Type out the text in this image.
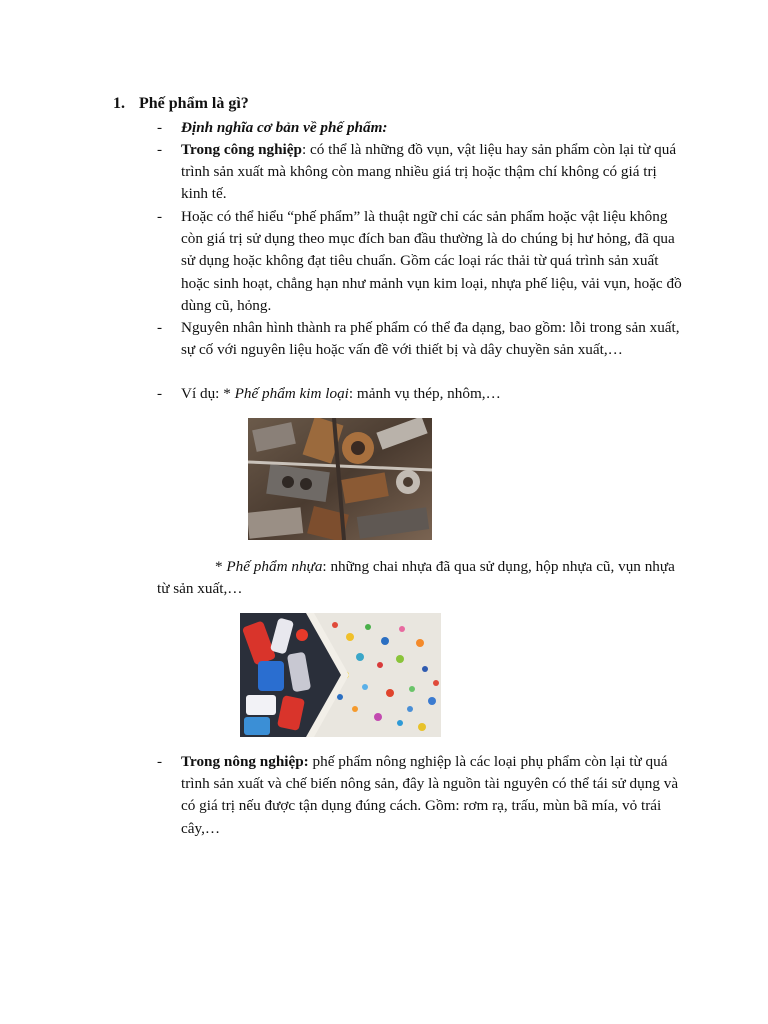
1. Phế phẩm là gì?
- Định nghĩa cơ bản về phế phẩm:
- Trong công nghiệp: có thể là những đồ vụn, vật liệu hay sản phẩm còn lại từ quá trình sản xuất mà không còn mang nhiều giá trị hoặc thậm chí không có giá trị kinh tế.
- Hoặc có thể hiểu “phế phẩm” là thuật ngữ chỉ các sản phẩm hoặc vật liệu không còn giá trị sử dụng theo mục đích ban đầu thường là do chúng bị hư hỏng, đã qua sử dụng hoặc không đạt tiêu chuẩn. Gồm các loại rác thải từ quá trình sản xuất hoặc sinh hoạt, chẳng hạn như mảnh vụn kim loại, nhựa phế liệu, vải vụn, hoặc đồ dùng cũ, hỏng.
- Nguyên nhân hình thành ra phế phẩm có thể đa dạng, bao gồm: lỗi trong sản xuất, sự cố với nguyên liệu hoặc vấn đề với thiết bị và dây chuyền sản xuất,…
- Ví dụ: * Phế phẩm kim loại: mảnh vụ thép, nhôm,…
* Phế phẩm nhựa: những chai nhựa đã qua sử dụng, hộp nhựa cũ, vụn nhựa từ sản xuất,…
- Trong nông nghiệp: phế phẩm nông nghiệp là các loại phụ phẩm còn lại từ quá trình sản xuất và chế biến nông sản, đây là nguồn tài nguyên có thể tái sử dụng và có giá trị nếu được tận dụng đúng cách. Gồm: rơm rạ, trấu, mùn bã mía, vỏ trái cây,…
